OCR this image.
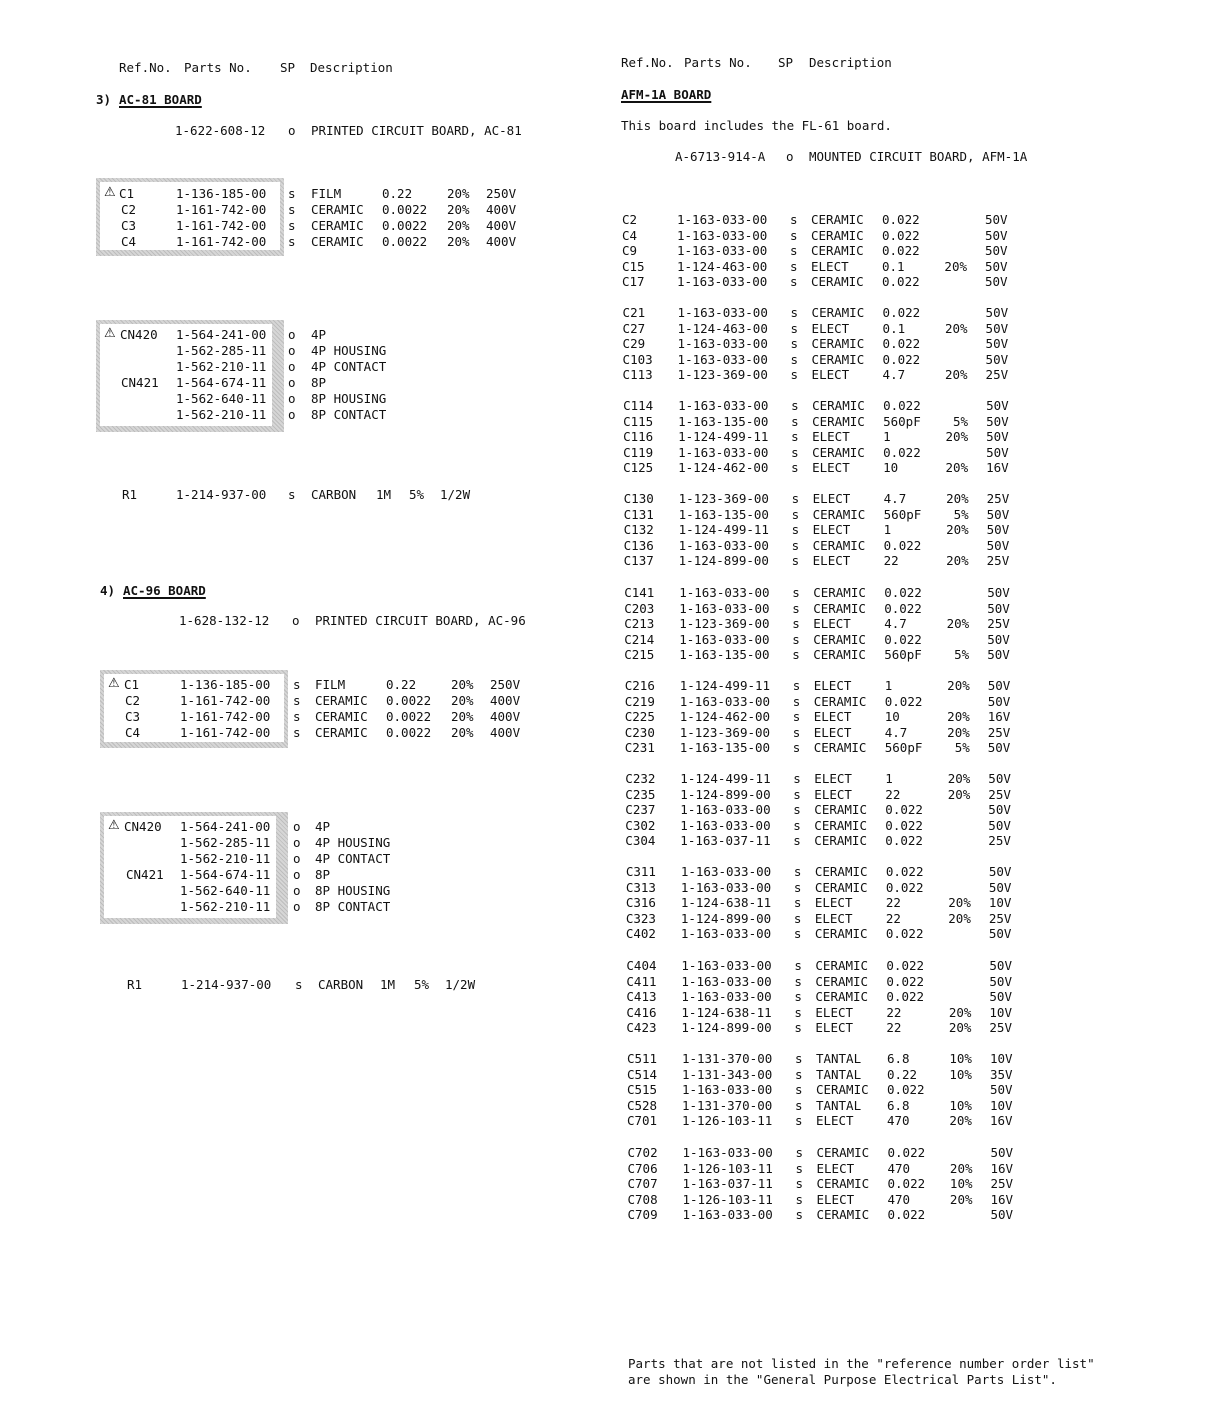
Ref.No. Parts No. SP Description
3) AC-81 BOARD
1-622-608-12 o PRINTED CIRCUIT BOARD, AC-81
⚠ C1	1-136-185-00 s FILM	0.22	20% 250V
C2	1-161-742-00 s CERAMIC 0.0022 20% 400V
C3	1-161-742-00 s CERAMIC 0.0022 20% 400V
C4	1-161-742-00 s CERAMIC 0.0022 20% 400V
⚠ CN420 1-564-241-00 o 4P
1-562-285-11 o 4P HOUSING
1-562-210-11 o 4P CONTACT
CN421 1-564-674-11 o 8P
1-562-640-11 o 8P HOUSING
1-562-210-11 o 8P CONTACT
R1	1-214-937-00 s CARBON 1M 5% 1/2W
4) AC-96 BOARD
1-628-132-12 o PRINTED CIRCUIT BOARD, AC-96
⚠ C1	1-136-185-00 s FILM	0.22	20% 250V
C2	1-161-742-00 s CERAMIC 0.0022 20% 400V
C3	1-161-742-00 s CERAMIC 0.0022 20% 400V
C4	1-161-742-00 s CERAMIC 0.0022 20% 400V
⚠ CN420 1-564-241-00 o 4P
1-562-285-11 o 4P HOUSING
1-562-210-11 o 4P CONTACT
CN421 1-564-674-11 o 8P
1-562-640-11 o 8P HOUSING
1-562-210-11 o 8P CONTACT
R1	1-214-937-00 s CARBON 1M 5% 1/2W
Ref.No. Parts No. SP Description
AFM-1A BOARD
This board includes the FL-61 board.
A-6713-914-A o MOUNTED CIRCUIT BOARD, AFM-1A
C2	1-163-033-00 s CERAMIC 0.022	50V
C4	1-163-033-00 s CERAMIC 0.022	50V
C9	1-163-033-00 s CERAMIC 0.022	50V
C15	1-124-463-00 s ELECT	0.1	20% 50V
C17	1-163-033-00 s CERAMIC 0.022	50V
C21	1-163-033-00 s CERAMIC 0.022	50V
C27	1-124-463-00 s ELECT	0.1	20% 50V
C29	1-163-033-00 s CERAMIC 0.022	50V
C103 1-163-033-00 s CERAMIC 0.022	50V
C113 1-123-369-00 s ELECT	4.7	20% 25V
C114 1-163-033-00 s CERAMIC 0.022	50V
C115 1-163-135-00 s CERAMIC 560pF	5% 50V
C116 1-124-499-11 s ELECT	1	20% 50V
C119 1-163-033-00 s CERAMIC 0.022	50V
C125 1-124-462-00 s ELECT	10	20% 16V
C130 1-123-369-00 s ELECT	4.7	20% 25V
C131 1-163-135-00 s CERAMIC 560pF	5% 50V
C132 1-124-499-11 s ELECT	1	20% 50V
C136 1-163-033-00 s CERAMIC 0.022	50V
C137 1-124-899-00 s ELECT	22	20% 25V
C141 1-163-033-00 s CERAMIC 0.022	50V
C203 1-163-033-00 s CERAMIC 0.022	50V
C213 1-123-369-00 s ELECT	4.7	20% 25V
C214 1-163-033-00 s CERAMIC 0.022	50V
C215 1-163-135-00 s CERAMIC 560pF	5% 50V
C216 1-124-499-11 s ELECT	1	20% 50V
C219 1-163-033-00 s CERAMIC 0.022	50V
C225 1-124-462-00 s ELECT	10	20% 16V
C230 1-123-369-00 s ELECT	4.7	20% 25V
C231 1-163-135-00 s CERAMIC 560pF	5% 50V
C232 1-124-499-11 s ELECT	1	20% 50V
C235 1-124-899-00 s ELECT	22	20% 25V
C237 1-163-033-00 s CERAMIC 0.022	50V
C302 1-163-033-00 s CERAMIC 0.022	50V
C304 1-163-037-11 s CERAMIC 0.022	25V
C311 1-163-033-00 s CERAMIC 0.022	50V
C313 1-163-033-00 s CERAMIC 0.022	50V
C316 1-124-638-11 s ELECT	22	20% 10V
C323 1-124-899-00 s ELECT	22	20% 25V
C402 1-163-033-00 s CERAMIC 0.022	50V
C404 1-163-033-00 s CERAMIC 0.022	50V
C411 1-163-033-00 s CERAMIC 0.022	50V
C413 1-163-033-00 s CERAMIC 0.022	50V
C416 1-124-638-11 s ELECT	22	20% 10V
C423 1-124-899-00 s ELECT	22	20% 25V
C511 1-131-370-00 s TANTAL 6.8	10% 10V
C514 1-131-343-00 s TANTAL 0.22	10% 35V
C515 1-163-033-00 s CERAMIC 0.022	50V
C528 1-131-370-00 s TANTAL 6.8	10% 10V
C701 1-126-103-11 s ELECT	470	20% 16V
C702 1-163-033-00 s CERAMIC 0.022	50V
C706 1-126-103-11 s ELECT	470	20% 16V
C707 1-163-037-11 s CERAMIC 0.022	10% 25V
C708 1-126-103-11 s ELECT	470	20% 16V
C709 1-163-033-00 s CERAMIC 0.022	50V
Parts that are not listed in the "reference number order list"
are shown in the "General Purpose Electrical Parts List".
